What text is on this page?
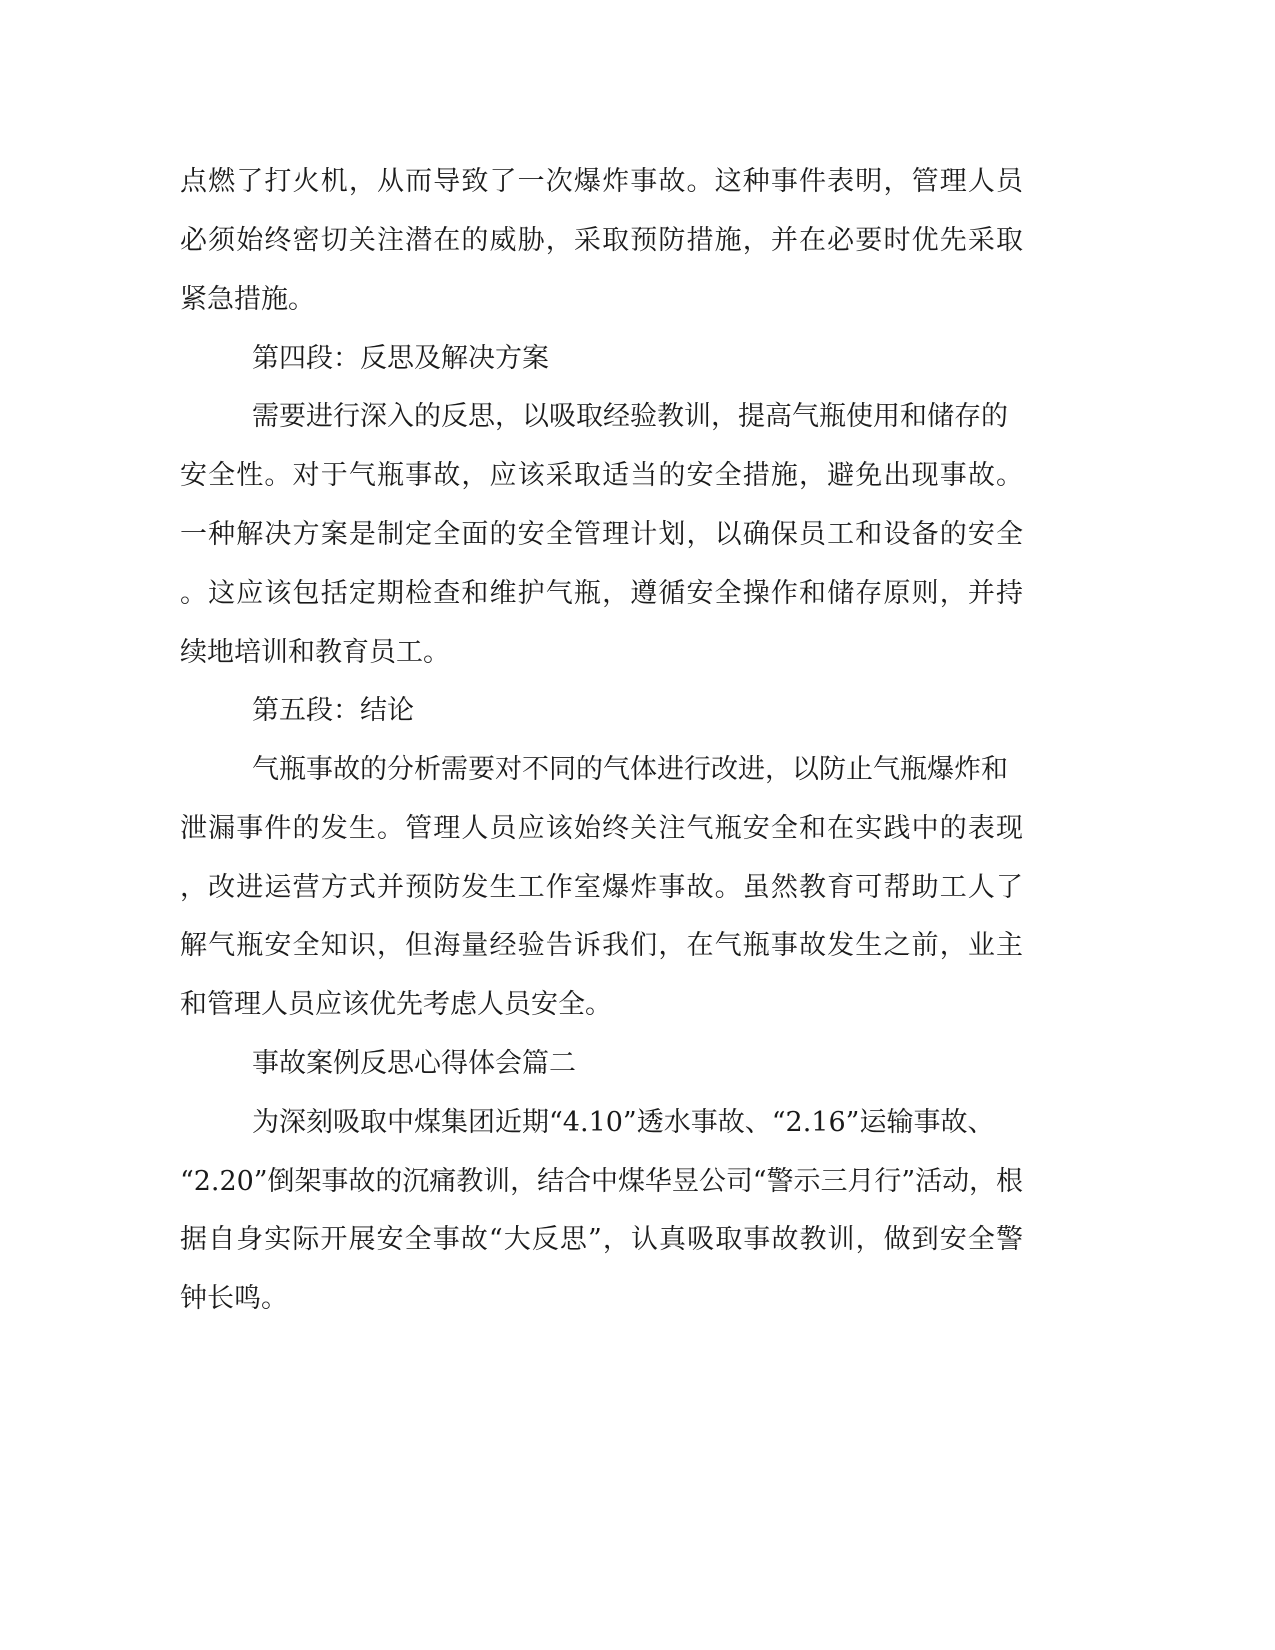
点燃了打火机，从而导致了一次爆炸事故。这种事件表明，管理人员

必须始终密切关注潜在的威胁，采取预防措施，并在必要时优先采取

紧急措施。

第四段：反思及解决方案

需要进行深入的反思，以吸取经验教训，提高气瓶使用和储存的

安全性。对于气瓶事故，应该采取适当的安全措施，避免出现事故。

一种解决方案是制定全面的安全管理计划，以确保员工和设备的安全

。这应该包括定期检查和维护气瓶，遵循安全操作和储存原则，并持

续地培训和教育员工。

第五段：结论

气瓶事故的分析需要对不同的气体进行改进，以防止气瓶爆炸和

泄漏事件的发生。管理人员应该始终关注气瓶安全和在实践中的表现

，改进运营方式并预防发生工作室爆炸事故。虽然教育可帮助工人了

解气瓶安全知识，但海量经验告诉我们，在气瓶事故发生之前，业主

和管理人员应该优先考虑人员安全。

事故案例反思心得体会篇二

为深刻吸取中煤集团近期“4.10”透水事故、“2.16”运输事故、

“2.20”倒架事故的沉痛教训，结合中煤华昱公司“警示三月行”活动，根

据自身实际开展安全事故“大反思”，认真吸取事故教训，做到安全警

钟长鸣。
